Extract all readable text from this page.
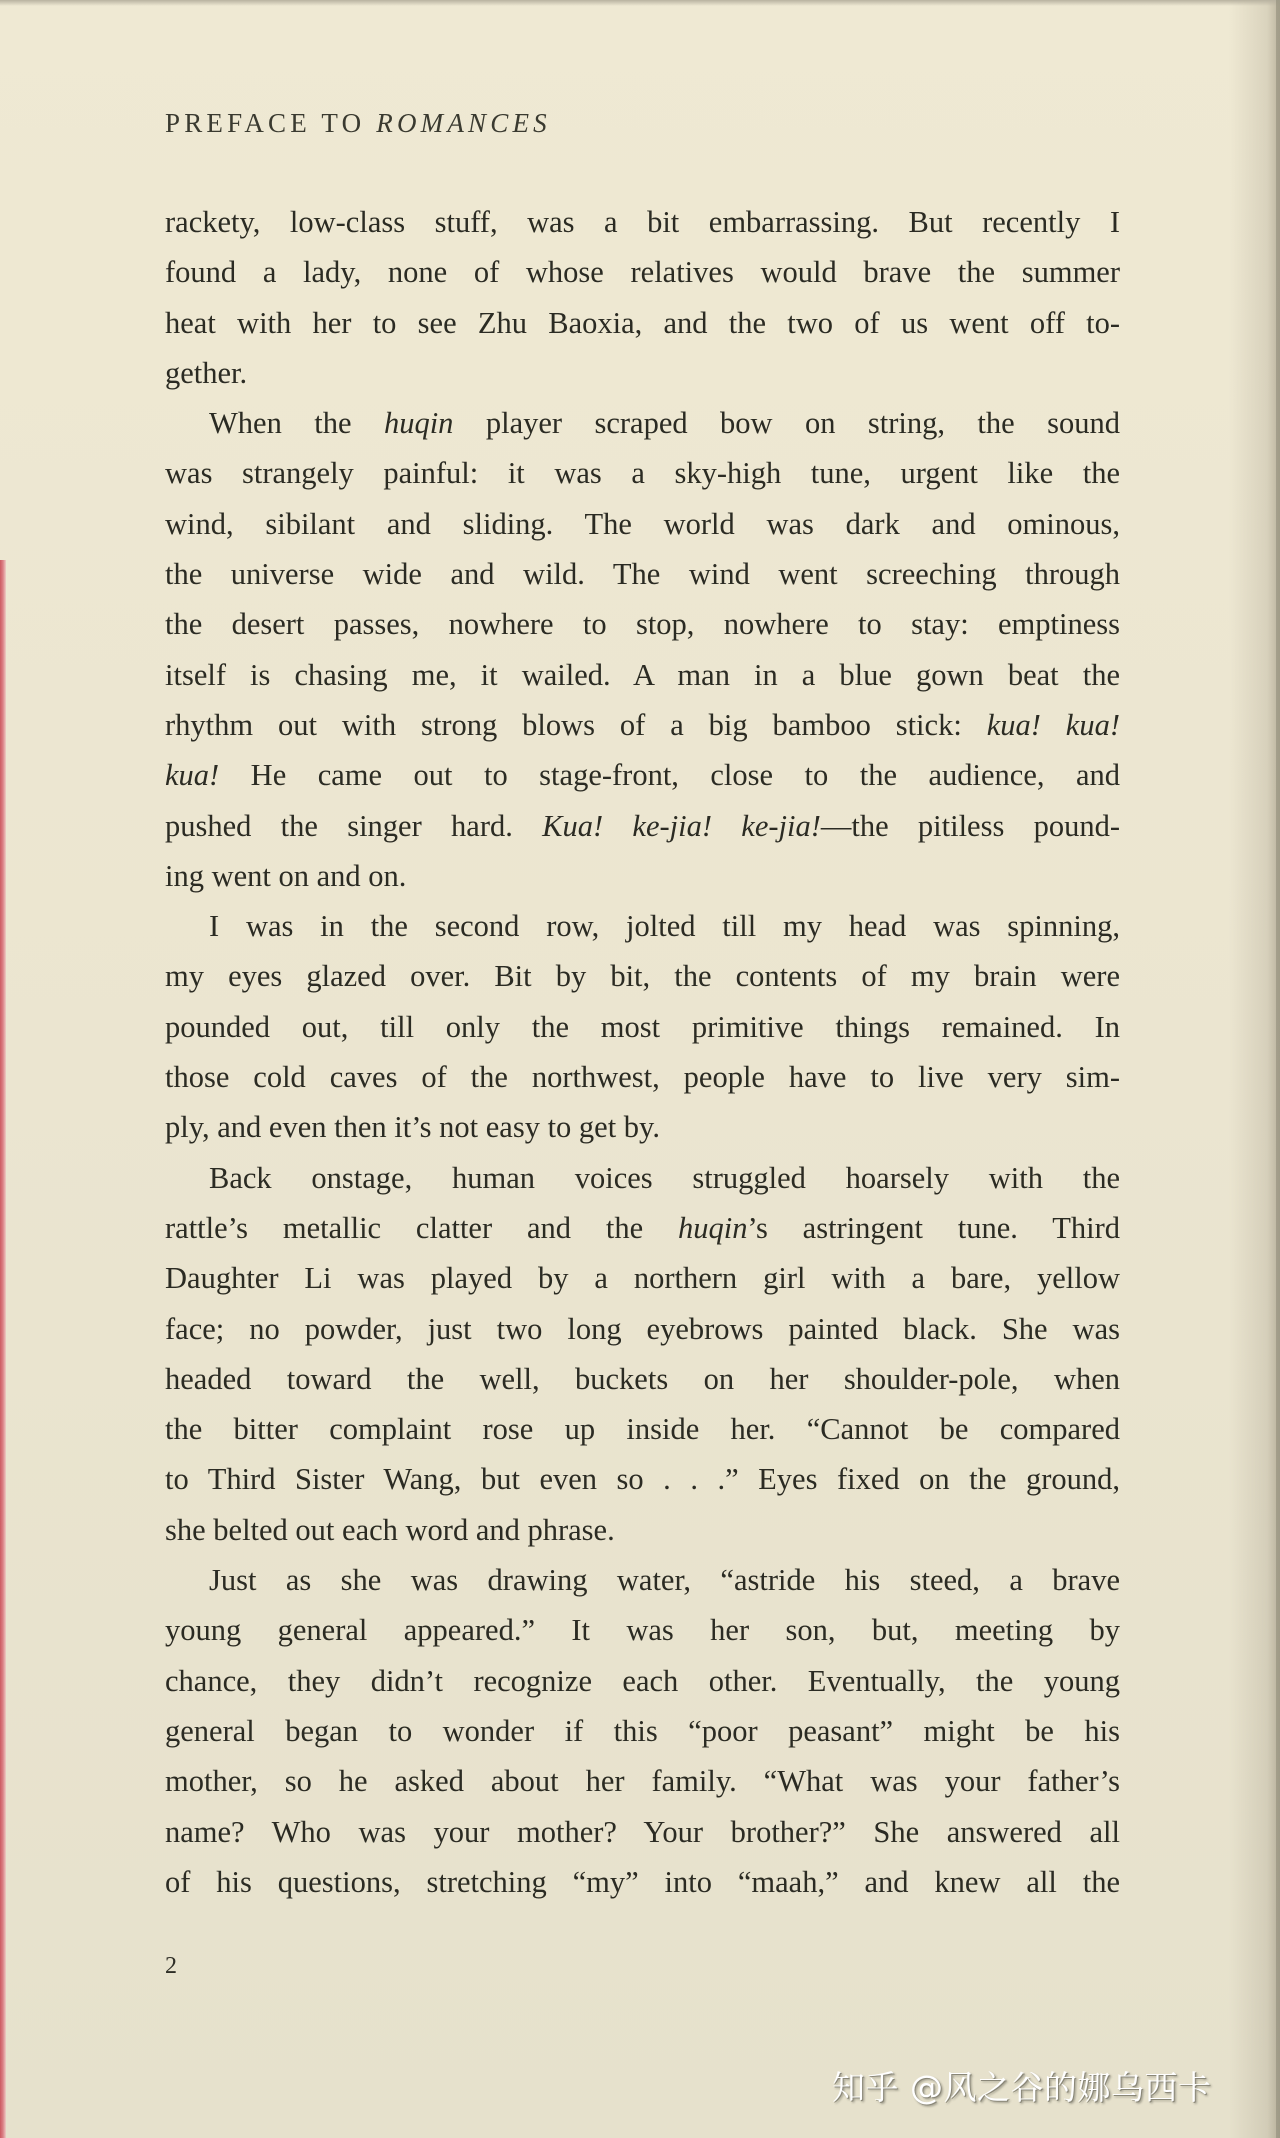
PREFACE TO ROMANCES
rackety, low-class stuff, was a bit embarrassing. But recently I
found a lady, none of whose relatives would brave the summer
heat with her to see Zhu Baoxia, and the two of us went off to-
gether.
When the huqin player scraped bow on string, the sound
was strangely painful: it was a sky-high tune, urgent like the
wind, sibilant and sliding. The world was dark and ominous,
the universe wide and wild. The wind went screeching through
the desert passes, nowhere to stop, nowhere to stay: emptiness
itself is chasing me, it wailed. A man in a blue gown beat the
rhythm out with strong blows of a big bamboo stick: kua! kua!
kua! He came out to stage-front, close to the audience, and
pushed the singer hard. Kua! ke-jia! ke-jia!—the pitiless pound-
ing went on and on.
I was in the second row, jolted till my head was spinning,
my eyes glazed over. Bit by bit, the contents of my brain were
pounded out, till only the most primitive things remained. In
those cold caves of the northwest, people have to live very sim-
ply, and even then it’s not easy to get by.
Back onstage, human voices struggled hoarsely with the
rattle’s metallic clatter and the huqin’s astringent tune. Third
Daughter Li was played by a northern girl with a bare, yellow
face; no powder, just two long eyebrows painted black. She was
headed toward the well, buckets on her shoulder-pole, when
the bitter complaint rose up inside her. “Cannot be compared
to Third Sister Wang, but even so . . .” Eyes fixed on the ground,
she belted out each word and phrase.
Just as she was drawing water, “astride his steed, a brave
young general appeared.” It was her son, but, meeting by
chance, they didn’t recognize each other. Eventually, the young
general began to wonder if this “poor peasant” might be his
mother, so he asked about her family. “What was your father’s
name? Who was your mother? Your brother?” She answered all
of his questions, stretching “my” into “maah,” and knew all the
2
知乎 @风之谷的娜乌西卡
